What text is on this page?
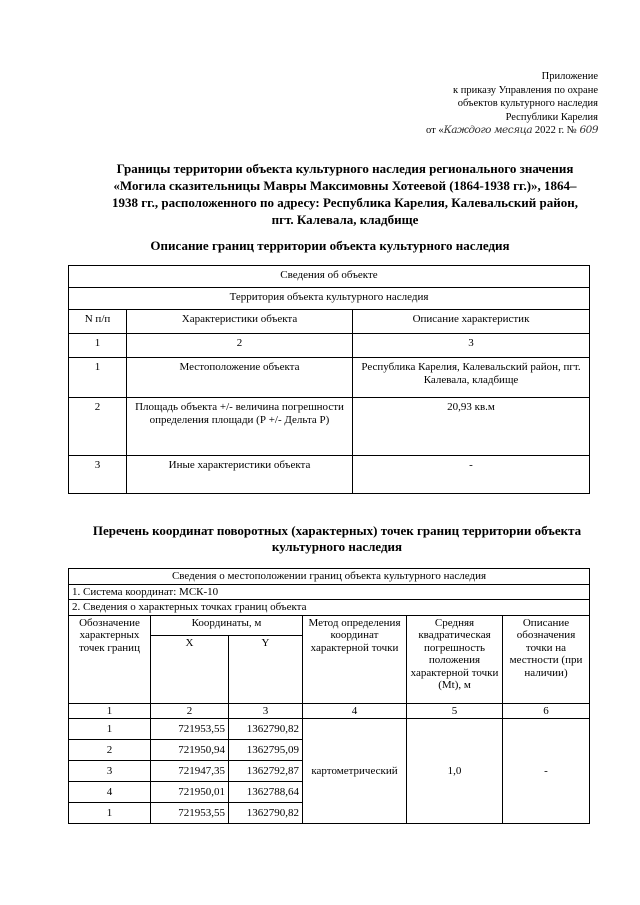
Приложение
к приказу Управления по охране
объектов культурного наследия
Республики Карелия
от «Каждого месяца 2022 г. № 609
Границы территории объекта культурного наследия регионального значения «Могила сказительницы Мавры Максимовны Хотеевой (1864-1938 гг.)», 1864–1938 гг., расположенного по адресу: Республика Карелия, Калевальский район, пгт. Калевала, кладбище
Описание границ территории объекта культурного наследия
Сведения об объекте		
Территория объекта культурного наследия		
N п/п	Характеристики объекта	Описание характеристик
1	2	3
1	Местоположение объекта	Республика Карелия, Калевальский район, пгт. Калевала, кладбище
2	Площадь объекта +/- величина погрешности определения площади (Р +/- Дельта Р)	20,93 кв.м
3	Иные характеристики объекта	-
Перечень координат поворотных (характерных) точек границ территории объекта культурного наследия
Сведения о местоположении границ объекта культурного наследия					
1. Система координат: МСК-10					
2. Сведения о характерных точках границ объекта					
Обозначение характерных точек границ	Координаты, м		Метод определения координат характерной точки	Средняя квадратическая погрешность положения характерной точки (Mt), м	Описание обозначения точки на местности (при наличии)
	X	Y			
1	2	3	4	5	6
1	721953,55	1362790,82	картометрический	1,0	-
2	721950,94	1362795,09			
3	721947,35	1362792,87			
4	721950,01	1362788,64			
1	721953,55	1362790,82			
